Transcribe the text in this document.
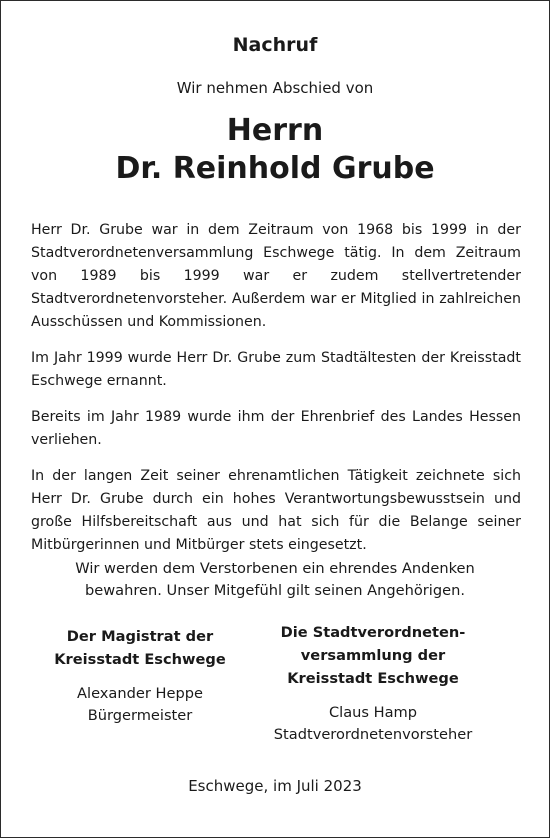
Nachruf
Wir nehmen Abschied von
Herrn
Dr. Reinhold Grube

Herr Dr. Grube war in dem Zeitraum von 1968 bis 1999 in der Stadtverordnetenversammlung Eschwege tätig. In dem Zeitraum von 1989 bis 1999 war er zudem stellvertretender Stadtverordnetenvorsteher. Außerdem war er Mitglied in zahlreichen Ausschüssen und Kommissionen.

Im Jahr 1999 wurde Herr Dr. Grube zum Stadtältesten der Kreisstadt Eschwege ernannt.

Bereits im Jahr 1989 wurde ihm der Ehrenbrief des Landes Hessen verliehen.

In der langen Zeit seiner ehrenamtlichen Tätigkeit zeichnete sich Herr Dr. Grube durch ein hohes Verantwortungsbewusstsein und große Hilfsbereitschaft aus und hat sich für die Belange seiner Mitbürgerinnen und Mitbürger stets eingesetzt.

Wir werden dem Verstorbenen ein ehrendes Andenken
bewahren. Unser Mitgefühl gilt seinen Angehörigen.
Der Magistrat der
Kreisstadt Eschwege
Alexander Heppe
Bürgermeister
Die Stadtverordneten-
versammlung der
Kreisstadt Eschwege
Claus Hamp
Stadtverordnetenvorsteher
Eschwege, im Juli 2023
